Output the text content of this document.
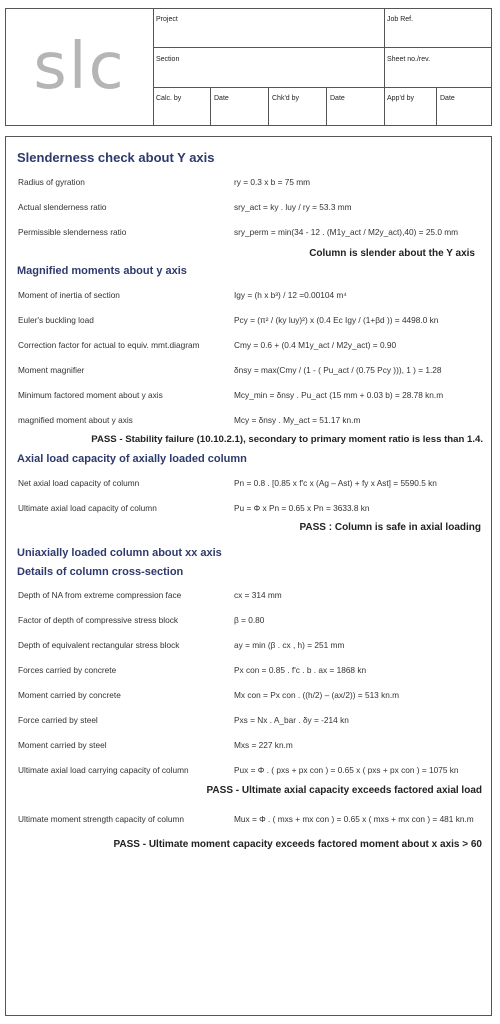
slc
Project	Job Ref.
Section	Sheet no./rev.
Calc. by	Date	Chk'd by	Date	App'd by	Date
Slenderness check about Y axis
Radius of gyration	ry = 0.3 x b = 75 mm
Actual slenderness ratio	sry_act = ky . luy / ry = 53.3 mm
Permissible slenderness ratio	sry_perm = min(34 - 12 . (M1y_act / M2y_act),40) = 25.0 mm
Column is slender about the Y axis
Magnified moments about y axis
Moment of inertia of section	Igy = (h x b³) / 12 =0.00104 m⁴
Euler's buckling load	Pcy = (π² / (ky luy)²) x (0.4 Ec Igy / (1+βd )) = 4498.0 kn
Correction factor for actual to equiv. mmt.diagram	Cmy = 0.6 + (0.4 M1y_act / M2y_act) = 0.90
Moment magnifier	δnsy = max(Cmy / (1 - ( Pu_act / (0.75 Pcy ))), 1 ) = 1.28
Minimum factored moment about y axis	Mcy_min = δnsy . Pu_act (15 mm + 0.03 b) = 28.78 kn.m
magnified moment about y axis	Mcy = δnsy . My_act = 51.17 kn.m
PASS - Stability failure (10.10.2.1), secondary to primary moment ratio is less than 1.4.
Axial load capacity of axially loaded column
Net axial load capacity of column	Pn = 0.8 . [0.85 x f'c x (Ag – Ast) + fy x Ast] = 5590.5 kn
Ultimate axial load capacity of column	Pu = Φ x Pn = 0.65 x Pn = 3633.8 kn
PASS : Column is safe in axial loading
Uniaxially loaded column about xx axis
Details of column cross-section
Depth of NA from extreme compression face	cx = 314 mm
Factor of depth of compressive stress block	β = 0.80
Depth of equivalent rectangular stress block	ay = min (β . cx , h) = 251 mm
Forces carried by concrete	Px con = 0.85 . f'c . b . ax = 1868 kn
Moment carried by concrete	Mx con = Px con . ((h/2) – (ax/2)) = 513 kn.m
Force carried by steel	Pxs = Nx . A_bar . δy = -214 kn
Moment carried by steel	Mxs = 227 kn.m
Ultimate axial load carrying capacity of column	Pux = Φ . ( pxs + px con ) = 0.65 x ( pxs + px con ) = 1075 kn
PASS - Ultimate axial capacity exceeds factored axial load
Ultimate moment strength capacity of column	Mux = Φ . ( mxs + mx con ) = 0.65 x ( mxs + mx con ) = 481 kn.m
PASS - Ultimate moment capacity exceeds factored moment about x axis > 60
